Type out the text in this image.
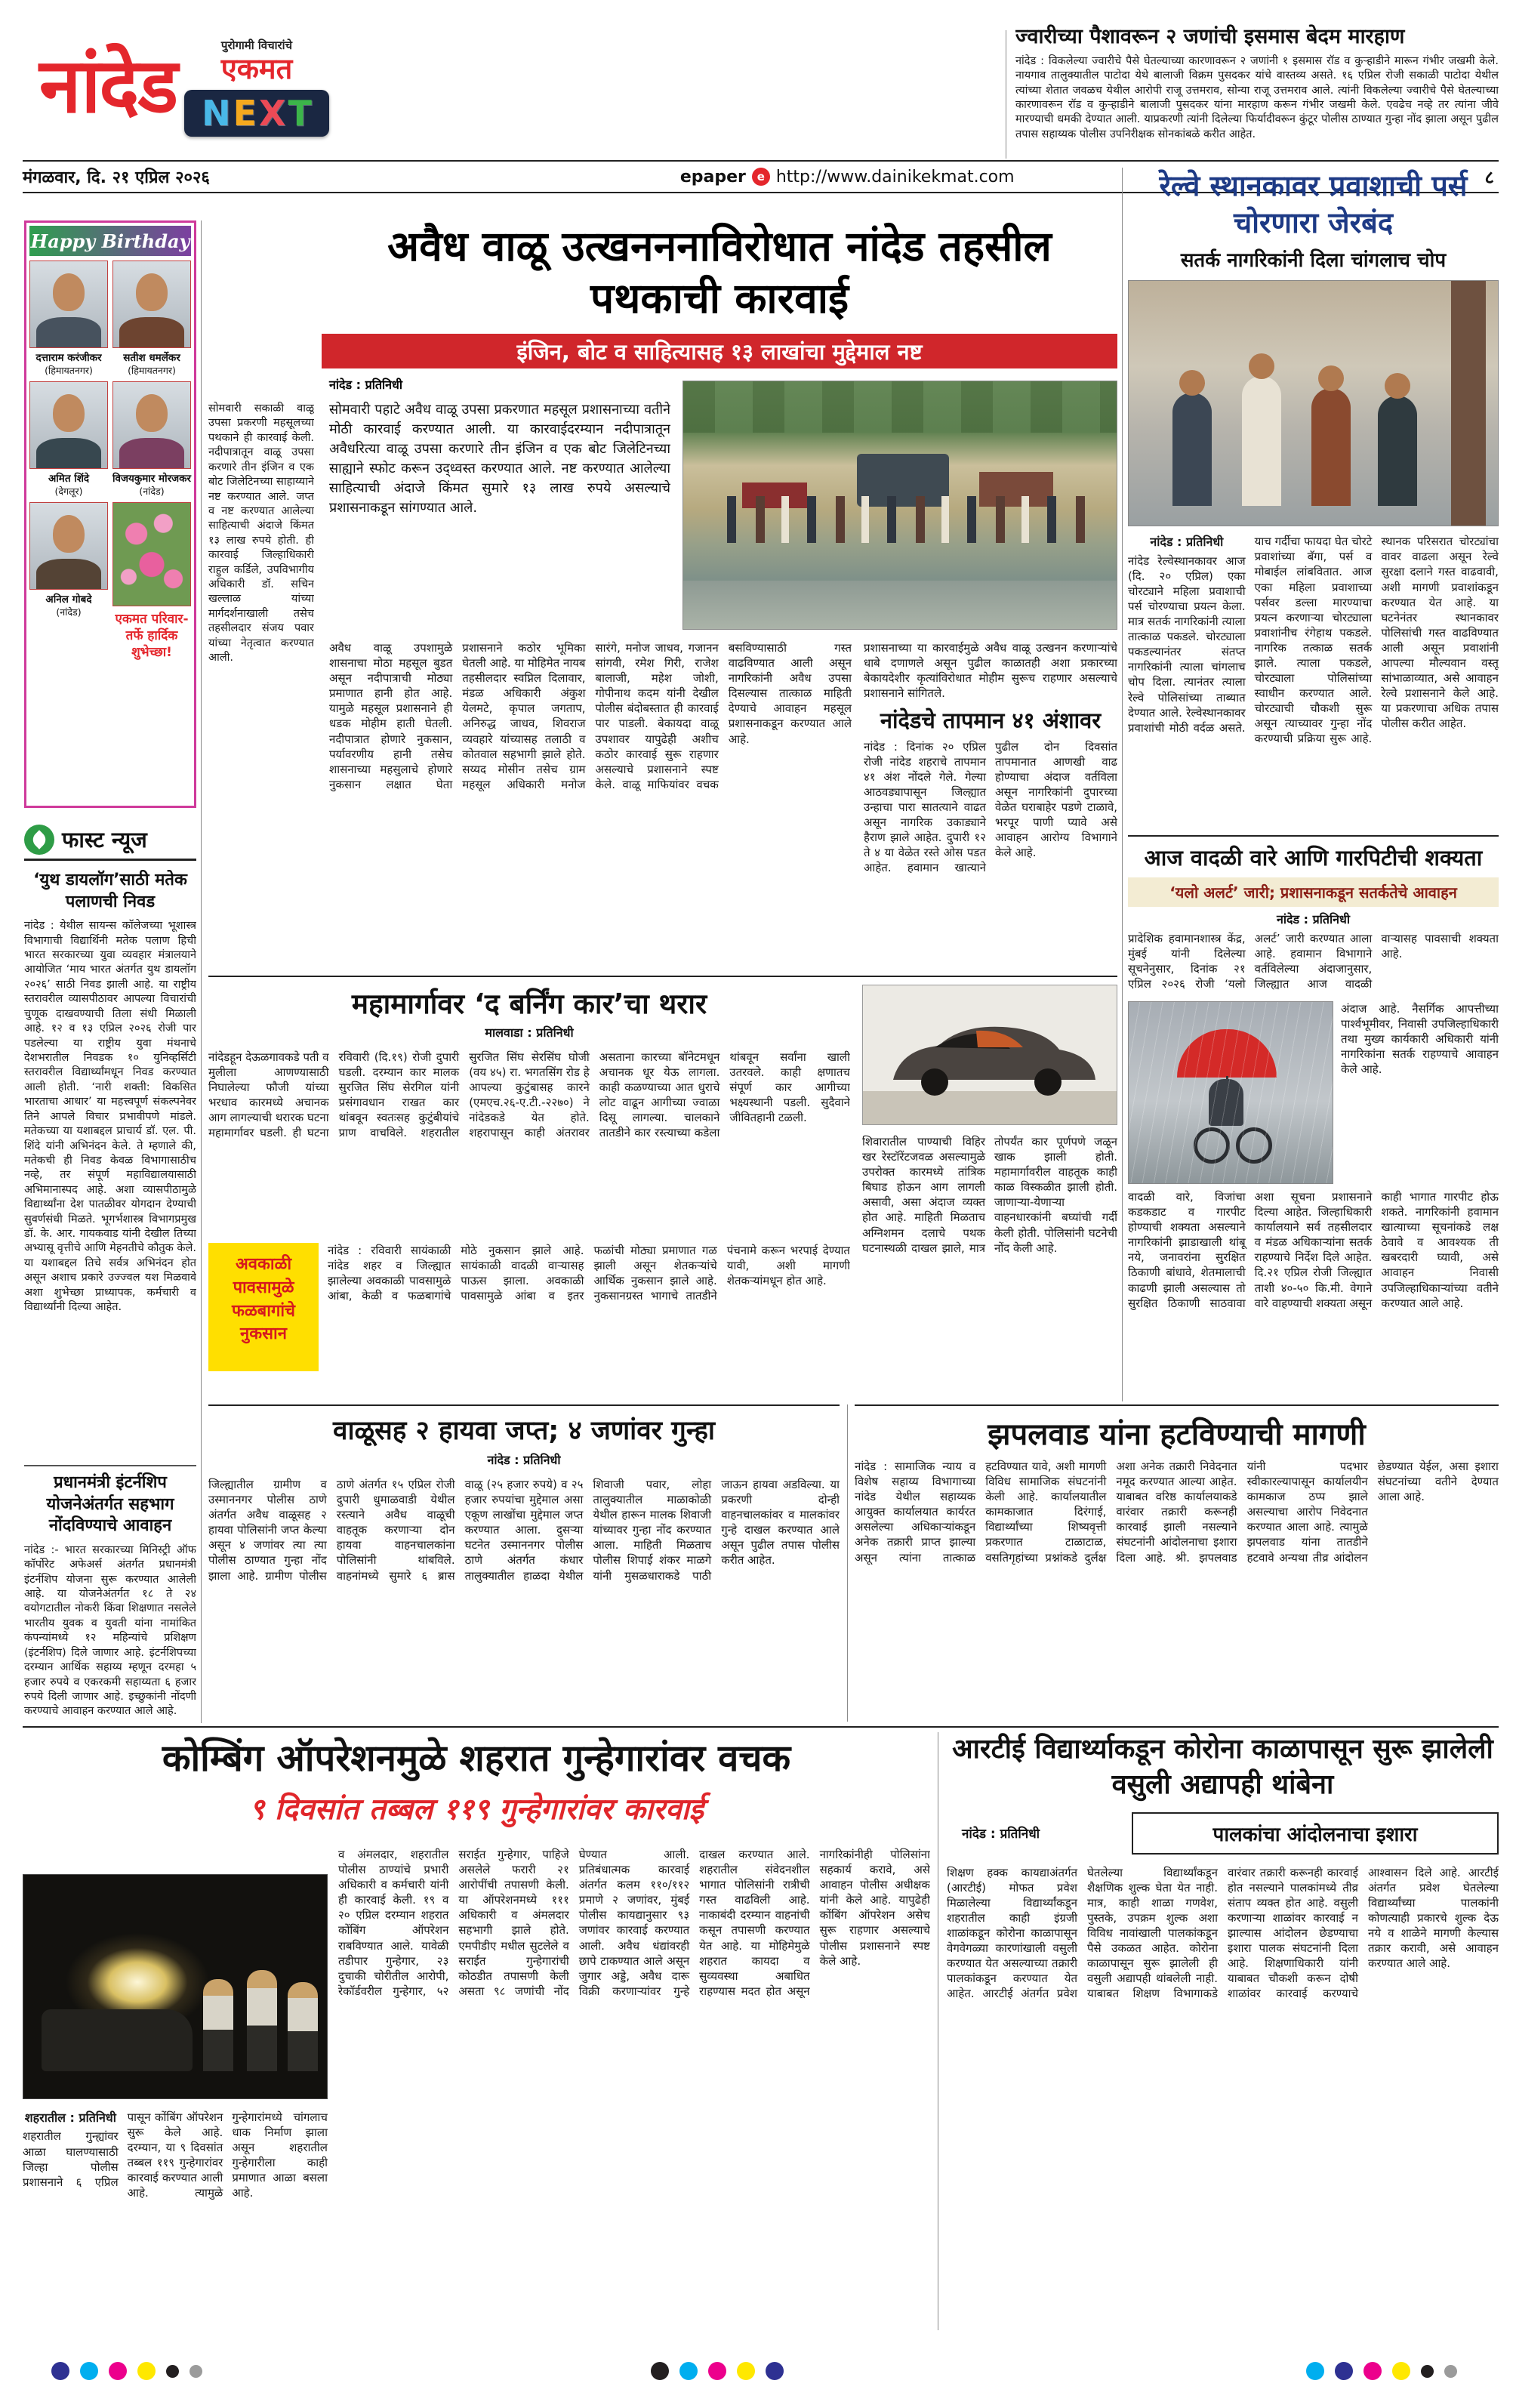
नांदेड	पुरोगामी विचारांचे
एकमत
N E X T
ज्वारीच्या पैशावरून २ जणांची इसमास बेदम मारहाण
नांदेड : विकलेल्या ज्वारीचे पैसे घेतल्याच्या कारणावरून २ जणांनी १ इसमास रॉड व कुऱ्हाडीने मारून गंभीर जखमी केले. नायगाव तालुक्यातील पाटोदा येथे बालाजी विक्रम पुसदकर यांचे वास्तव्य असते. १६ एप्रिल रोजी सकाळी पाटोदा येथील त्यांच्या शेतात जवळच येथील आरोपी राजू उत्तमराव, सोन्या राजू उत्तमराव आले. त्यांनी विकलेल्या ज्वारीचे पैसे घेतल्याच्या कारणावरून रॉड व कुऱ्हाडीने बालाजी पुसदकर यांना मारहाण करून गंभीर जखमी केले. एवढेच नव्हे तर त्यांना जीवे मारण्याची धमकी देण्यात आली. याप्रकरणी त्यांनी दिलेल्या फिर्यादीवरून कुंटूर पोलीस ठाण्यात गुन्हा नोंद झाला असून पुढील तपास सहाय्यक पोलीस उपनिरीक्षक सोनकांबळे करीत आहेत.
मंगळवार, दि. २१ एप्रिल २०२६	epaper e http://www.dainikekmat.com	८
Happy Birthday
दत्ताराम करंजीकर
(हिमायतनगर)
सतीश धमर्लेकर
(हिमायतनगर)
अमित शिंदे
(देगलूर)
विजयकुमार मोरजकर
(नांदेड)
अनिल गोबदे
(नांदेड)	एकमत परिवार- तर्फे हार्दिक शुभेच्छा!
फास्ट न्यूज
‘युथ डायलॉग’साठी मतेक पलाणची निवड
नांदेड : येथील सायन्स कॉलेजच्या भूशास्त्र विभागाची विद्यार्थिनी मतेक पलाण हिची भारत सरकारच्या युवा व्यवहार मंत्रालयाने आयोजित ‘माय भारत अंतर्गत युथ डायलॉग २०२६’ साठी निवड झाली आहे. या राष्ट्रीय स्तरावरील व्यासपीठावर आपल्या विचारांची चुणूक दाखवण्याची तिला संधी मिळाली आहे. १२ व १३ एप्रिल २०२६ रोजी पार पडलेल्या या राष्ट्रीय युवा मंथनाचे देशभरातील निवडक १० युनिव्हर्सिटी स्तरावरील विद्यार्थ्यांमधून निवड करण्यात आली होती. ‘नारी शक्ती: विकसित भारताचा आधार’ या महत्त्वपूर्ण संकल्पनेवर तिने आपले विचार प्रभावीपणे मांडले. मतेकच्या या यशाबद्दल प्राचार्य डॉ. एल. पी. शिंदे यांनी अभिनंदन केले. ते म्हणाले की, मतेकची ही निवड केवळ विभागासाठीच नव्हे, तर संपूर्ण महाविद्यालयासाठी अभिमानास्पद आहे. अशा व्यासपीठामुळे विद्यार्थ्यांना देश पातळीवर योगदान देण्याची सुवर्णसंधी मिळते. भूगर्भशास्त्र विभागप्रमुख डॉ. के. आर. गायकवाड यांनी देखील तिच्या अभ्यासू वृत्तीचे आणि मेहनतीचे कौतुक केले. या यशाबद्दल तिचे सर्वत्र अभिनंदन होत असून अशाच प्रकारे उज्ज्वल यश मिळवावे अशा शुभेच्छा प्राध्यापक, कर्मचारी व विद्यार्थ्यांनी दिल्या आहेत.
प्रधानमंत्री इंटर्नशिप योजनेअंतर्गत सहभाग नोंदविण्याचे आवाहन
नांदेड :- भारत सरकारच्या मिनिस्ट्री ऑफ कॉर्पोरेट अफेअर्स अंतर्गत प्रधानमंत्री इंटर्नशिप योजना सुरू करण्यात आलेली आहे. या योजनेअंतर्गत १८ ते २४ वयोगटातील नोकरी किंवा शिक्षणात नसलेले भारतीय युवक व युवती यांना नामांकित कंपन्यांमध्ये १२ महिन्यांचे प्रशिक्षण (इंटर्नशिप) दिले जाणार आहे. इंटर्नशिपच्या दरम्यान आर्थिक सहाय्य म्हणून दरमहा ५ हजार रुपये व एकरकमी सहाय्यता ६ हजार रुपये दिली जाणार आहे. इच्छुकांनी नोंदणी करण्याचे आवाहन करण्यात आले आहे.
अवैध वाळू उत्खनननाविरोधात नांदेड तहसील पथकाची कारवाई
इंजिन, बोट व साहित्यासह १३ लाखांचा मुद्देमाल नष्ट
नांदेड : प्रतिनिधी
सोमवारी सकाळी वाळू उपसा प्रकरणी महसूलच्या पथकाने ही कारवाई केली. नदीपात्रातून वाळू उपसा करणारे तीन इंजिन व एक बोट जिलेटिनच्या साहाय्याने नष्ट करण्यात आले. जप्त व नष्ट करण्यात आलेल्या साहित्याची अंदाजे किंमत १३ लाख रुपये होती. ही कारवाई जिल्हाधिकारी राहुल कर्डिले, उपविभागीय अधिकारी डॉ. सचिन खल्लाळ यांच्या मार्गदर्शनाखाली तसेच तहसीलदार संजय पवार यांच्या नेतृत्वात करण्यात आली.
सोमवारी पहाटे अवैध वाळू उपसा प्रकरणात महसूल प्रशासनाच्या वतीने मोठी कारवाई करण्यात आली. या कारवाईदरम्यान नदीपात्रातून अवैधरित्या वाळू उपसा करणारे तीन इंजिन व एक बोट जिलेटिनच्या साह्याने स्फोट करून उद्ध्वस्त करण्यात आले. नष्ट करण्यात आलेल्या साहित्याची अंदाजे किंमत सुमारे १३ लाख रुपये असल्याचे प्रशासनाकडून सांगण्यात आले.
अवैध वाळू उपशामुळे शासनाचा मोठा महसूल बुडत असून नदीपात्राची मोठ्या प्रमाणात हानी होत आहे. यामुळे महसूल प्रशासनाने ही धडक मोहीम हाती घेतली. नदीपात्रात होणारे नुकसान, पर्यावरणीय हानी तसेच शासनाच्या महसुलाचे होणारे नुकसान लक्षात घेता प्रशासनाने कठोर भूमिका घेतली आहे. या मोहिमेत नायब तहसीलदार स्वप्निल दिलावार, मंडळ अधिकारी अंकुश येलमटे, कृपाल जगताप, अनिरुद्ध जाधव, शिवराज व्यवहारे यांच्यासह तलाठी व कोतवाल सहभागी झाले होते. सय्यद मोसीन तसेच ग्राम महसूल अधिकारी मनोज सारंगे, मनोज जाधव, गजानन सांगवी, रमेश गिरी, राजेश बालाजी, महेश जोशी, गोपीनाथ कदम यांनी देखील पोलीस बंदोबस्तात ही कारवाई पार पाडली. बेकायदा वाळू उपशावर यापुढेही अशीच कठोर कारवाई सुरू राहणार असल्याचे प्रशासनाने स्पष्ट केले. वाळू माफियांवर वचक बसविण्यासाठी गस्त वाढविण्यात आली असून नागरिकांनी अवैध उपसा दिसल्यास तात्काळ माहिती देण्याचे आवाहन महसूल प्रशासनाकडून करण्यात आले आहे.
प्रशासनाच्या या कारवाईमुळे अवैध वाळू उत्खनन करणाऱ्यांचे धाबे दणाणले असून पुढील काळातही अशा प्रकारच्या बेकायदेशीर कृत्यांविरोधात मोहीम सुरूच राहणार असल्याचे प्रशासनाने सांगितले.
नांदेडचे तापमान ४१ अंशावर
नांदेड : दिनांक २० एप्रिल रोजी नांदेड शहराचे तापमान ४१ अंश नोंदले गेले. गेल्या आठवड्यापासून जिल्ह्यात उन्हाचा पारा सातत्याने वाढत असून नागरिक उकाड्याने हैराण झाले आहेत. दुपारी १२ ते ४ या वेळेत रस्ते ओस पडत आहेत. हवामान खात्याने पुढील दोन दिवसांत तापमानात आणखी वाढ होण्याचा अंदाज वर्तविला असून नागरिकांनी दुपारच्या वेळेत घराबाहेर पडणे टाळावे, भरपूर पाणी प्यावे असे आवाहन आरोग्य विभागाने केले आहे.
महामार्गावर ‘द बर्निंग कार’चा थरार
मालवाडा : प्रतिनिधी
नांदेडहून देऊळगावकडे पती व मुलीला आणण्यासाठी निघालेल्या फौजी यांच्या भरधाव कारमध्ये अचानक आग लागल्याची थरारक घटना महामार्गावर घडली. ही घटना रविवारी (दि.१९) रोजी दुपारी घडली. दरम्यान कार मालक सुरजित सिंघ सेरगिल यांनी प्रसंगावधान राखत कार थांबवून स्वतःसह कुटुंबीयांचे प्राण वाचविले. शहरातील सुरजित सिंघ सेरसिंघ घोजी (वय ४५) रा. भगतसिंग रोड हे आपल्या कुटुंबासह कारने (एमएच.२६-ए.टी.-२२७०) ने नांदेडकडे येत होते. शहरापासून काही अंतरावर असताना कारच्या बॉनेटमधून अचानक धूर येऊ लागला. काही कळण्याच्या आत धुराचे लोट वाढून आगीच्या ज्वाळा दिसू लागल्या. चालकाने तातडीने कार रस्त्याच्या कडेला थांबवून सर्वांना खाली उतरवले. काही क्षणातच संपूर्ण कार आगीच्या भक्ष्यस्थानी पडली. सुदैवाने जीवितहानी टळली.
अवकाळी पावसामुळे फळबागांचे नुकसान
नांदेड : रविवारी सायंकाळी नांदेड शहर व जिल्ह्यात झालेल्या अवकाळी पावसामुळे आंबा, केळी व फळबागांचे मोठे नुकसान झाले आहे. सायंकाळी वादळी वाऱ्यासह पाऊस झाला. अवकाळी पावसामुळे आंबा व इतर फळांची मोठ्या प्रमाणात गळ झाली असून शेतकऱ्यांचे आर्थिक नुकसान झाले आहे. नुकसानग्रस्त भागाचे तातडीने पंचनामे करून भरपाई देण्यात यावी, अशी मागणी शेतकऱ्यांमधून होत आहे.
शिवारातील पाण्याची विहिर खर रेस्टॉरेंटजवळ असल्यामुळे उपरोक्त कारमध्ये तांत्रिक बिघाड होऊन आग लागली असावी, असा अंदाज व्यक्त होत आहे. माहिती मिळताच अग्निशमन दलाचे पथक घटनास्थळी दाखल झाले, मात्र तोपर्यंत कार पूर्णपणे जळून खाक झाली होती. महामार्गावरील वाहतूक काही काळ विस्कळीत झाली होती. जाणाऱ्या-येणाऱ्या वाहनधारकांनी बघ्यांची गर्दी केली होती. पोलिसांनी घटनेची नोंद केली आहे.
वाळूसह २ हायवा जप्त; ४ जणांवर गुन्हा
नांदेड : प्रतिनिधी
जिल्ह्यातील ग्रामीण व उस्माननगर पोलीस ठाणे अंतर्गत अवैध वाळूसह २ हायवा पोलिसांनी जप्त केल्या असून ४ जणांवर त्या त्या पोलीस ठाण्यात गुन्हा नोंद झाला आहे. ग्रामीण पोलीस ठाणे अंतर्गत १५ एप्रिल रोजी दुपारी धुमाळवाडी येथील रस्त्याने अवैध वाळूची वाहतूक करणाऱ्या दोन हायवा वाहनचालकांना पोलिसांनी थांबविले. वाहनांमध्ये सुमारे ६ ब्रास वाळू (२५ हजार रुपये) व २५ हजार रुपयांचा मुद्देमाल असा एकूण लाखोंचा मुद्देमाल जप्त करण्यात आला. दुसऱ्या घटनेत उस्माननगर पोलीस ठाणे अंतर्गत कंधार तालुक्यातील हाळदा येथील शिवाजी पवार, लोहा तालुक्यातील माळाकोळी येथील हारून मालक शिवाजी यांच्यावर गुन्हा नोंद करण्यात आला. माहिती मिळताच पोलीस शिपाई शंकर माळगे यांनी मुसळधाराकडे पाठी जाऊन हायवा अडविल्या. या प्रकरणी दोन्ही वाहनचालकांवर व मालकांवर गुन्हे दाखल करण्यात आले असून पुढील तपास पोलीस करीत आहेत.
झपलवाड यांना हटविण्याची मागणी
नांदेड : सामाजिक न्याय व विशेष सहाय्य विभागाच्या नांदेड येथील सहाय्यक आयुक्त कार्यालयात कार्यरत असलेल्या अधिकाऱ्यांकडून अनेक तक्रारी प्राप्त झाल्या असून त्यांना तात्काळ हटविण्यात यावे, अशी मागणी विविध सामाजिक संघटनांनी केली आहे. कार्यालयातील कामकाजात दिरंगाई, विद्यार्थ्यांच्या शिष्यवृत्ती प्रकरणात टाळाटाळ, वसतिगृहांच्या प्रश्नांकडे दुर्लक्ष अशा अनेक तक्रारी निवेदनात नमूद करण्यात आल्या आहेत. याबाबत वरिष्ठ कार्यालयाकडे वारंवार तक्रारी करूनही कारवाई झाली नसल्याने संघटनांनी आंदोलनाचा इशारा दिला आहे. श्री. झपलवाड यांनी पदभार स्वीकारल्यापासून कार्यालयीन कामकाज ठप्प झाले असल्याचा आरोप निवेदनात करण्यात आला आहे. त्यामुळे झपलवाड यांना तातडीने हटवावे अन्यथा तीव्र आंदोलन छेडण्यात येईल, असा इशारा संघटनांच्या वतीने देण्यात आला आहे.
रेल्वे स्थानकावर प्रवाशाची पर्स चोरणारा जेरबंद
सतर्क नागरिकांनी दिला चांगलाच चोप

नांदेड : प्रतिनिधी

नांदेड रेल्वेस्थानकावर आज (दि. २० एप्रिल) एका चोरट्याने महिला प्रवाशाची पर्स चोरण्याचा प्रयत्न केला. मात्र सतर्क नागरिकांनी त्याला तात्काळ पकडले. चोरट्याला पकडल्यानंतर संतप्त नागरिकांनी त्याला चांगलाच चोप दिला. त्यानंतर त्याला रेल्वे पोलिसांच्या ताब्यात देण्यात आले. रेल्वेस्थानकावर प्रवाशांची मोठी वर्दळ असते. याच गर्दीचा फायदा घेत चोरटे प्रवाशांच्या बॅगा, पर्स व मोबाईल लांबवितात. आज एका महिला प्रवाशाच्या पर्सवर डल्ला मारण्याचा प्रयत्न करणाऱ्या चोरट्याला प्रवाशांनीच रंगेहाथ पकडले. नागरिक तत्काळ सतर्क झाले. त्याला पकडले, चोरट्याला पोलिसांच्या स्वाधीन करण्यात आले. चोरट्याची चौकशी सुरू असून त्याच्यावर गुन्हा नोंद करण्याची प्रक्रिया सुरू आहे. स्थानक परिसरात चोरट्यांचा वावर वाढला असून रेल्वे सुरक्षा दलाने गस्त वाढवावी, अशी मागणी प्रवाशांकडून करण्यात येत आहे. या घटनेनंतर स्थानकावर पोलिसांची गस्त वाढविण्यात आली असून प्रवाशांनी आपल्या मौल्यवान वस्तू सांभाळाव्यात, असे आवाहन रेल्वे प्रशासनाने केले आहे. या प्रकरणाचा अधिक तपास पोलीस करीत आहेत.

आज वादळी वारे आणि गारपिटीची शक्यता
‘यलो अलर्ट’ जारी; प्रशासनाकडून सतर्कतेचे आवाहन
नांदेड : प्रतिनिधी
प्रादेशिक हवामानशास्त्र केंद्र, मुंबई यांनी दिलेल्या सूचनेनुसार, दिनांक २१ एप्रिल २०२६ रोजी ‘यलो अलर्ट’ जारी करण्यात आला आहे. हवामान विभागाने वर्तविलेल्या अंदाजानुसार, जिल्ह्यात आज वादळी वाऱ्यासह पावसाची शक्यता आहे.
अंदाज आहे. नैसर्गिक आपत्तीच्या पार्श्वभूमीवर, निवासी उपजिल्हाधिकारी तथा मुख्य कार्यकारी अधिकारी यांनी नागरिकांना सतर्क राहण्याचे आवाहन केले आहे.
वादळी वारे, विजांचा कडकडाट व गारपीट होण्याची शक्यता असल्याने नागरिकांनी झाडाखाली थांबू नये, जनावरांना सुरक्षित ठिकाणी बांधावे, शेतमालाची काढणी झाली असल्यास तो सुरक्षित ठिकाणी साठवावा अशा सूचना प्रशासनाने दिल्या आहेत. जिल्हाधिकारी कार्यालयाने सर्व तहसीलदार व मंडळ अधिकाऱ्यांना सतर्क राहण्याचे निर्देश दिले आहेत. दि.२१ एप्रिल रोजी जिल्ह्यात ताशी ४०-५० कि.मी. वेगाने वारे वाहण्याची शक्यता असून काही भागात गारपीट होऊ शकते. नागरिकांनी हवामान खात्याच्या सूचनांकडे लक्ष ठेवावे व आवश्यक ती खबरदारी घ्यावी, असे आवाहन निवासी उपजिल्हाधिकाऱ्यांच्या वतीने करण्यात आले आहे.
कोम्बिंग ऑपरेशनमुळे शहरात गुन्हेगारांवर वचक
९ दिवसांत तब्बल ११९ गुन्हेगारांवर कारवाई
व अंमलदार, शहरातील पोलीस ठाण्यांचे प्रभारी अधिकारी व कर्मचारी यांनी ही कारवाई केली. १९ व २० एप्रिल दरम्यान शहरात कोंबिंग ऑपरेशन राबविण्यात आले. यावेळी तडीपार गुन्हेगार, २३ दुचाकी चोरीतील आरोपी, रेकॉर्डवरील गुन्हेगार, ५२ सराईत गुन्हेगार, पाहिजे असलेले फरारी २१ आरोपींची तपासणी केली. या ऑपरेशनमध्ये १११ अधिकारी व अंमलदार सहभागी झाले होते. एमपीडीए मधील सुटलेले व सराईत गुन्हेगारांची कोठडीत तपासणी केली असता ९८ जणांची नोंद घेण्यात आली. प्रतिबंधात्मक कारवाई अंतर्गत कलम ११०/११२ प्रमाणे २ जणांवर, मुंबई पोलीस कायद्यानुसार ९३ जणांवर कारवाई करण्यात आली. अवैध धंद्यांवरही छापे टाकण्यात आले असून जुगार अड्डे, अवैध दारू विक्री करणाऱ्यांवर गुन्हे दाखल करण्यात आले. शहरातील संवेदनशील भागात पोलिसांनी रात्रीची गस्त वाढविली आहे. नाकाबंदी दरम्यान वाहनांची कसून तपासणी करण्यात येत आहे. या मोहिमेमुळे शहरात कायदा व सुव्यवस्था अबाधित राहण्यास मदत होत असून नागरिकांनीही पोलिसांना सहकार्य करावे, असे आवाहन पोलीस अधीक्षक यांनी केले आहे. यापुढेही कोंबिंग ऑपरेशन असेच सुरू राहणार असल्याचे पोलीस प्रशासनाने स्पष्ट केले आहे.

शहरातील : प्रतिनिधी

शहरातील गुन्ह्यांवर आळा घालण्यासाठी जिल्हा पोलीस प्रशासनाने ६ एप्रिल पासून कोंबिंग ऑपरेशन सुरू केले आहे. दरम्यान, या ९ दिवसांत तब्बल ११९ गुन्हेगारांवर कारवाई करण्यात आली आहे. त्यामुळे गुन्हेगारांमध्ये चांगलाच धाक निर्माण झाला असून शहरातील गुन्हेगारीला काही प्रमाणात आळा बसला आहे.

आरटीई विद्यार्थ्याकडून कोरोना काळापासून सुरू झालेली वसुली अद्यापही थांबेना
नांदेड : प्रतिनिधी	पालकांचा आंदोलनाचा इशारा
शिक्षण हक्क कायद्याअंतर्गत (आरटीई) मोफत प्रवेश मिळालेल्या विद्यार्थ्यांकडून शहरातील काही इंग्रजी शाळांकडून कोरोना काळापासून वेगवेगळ्या कारणांखाली वसुली करण्यात येत असल्याच्या तक्रारी पालकांकडून करण्यात येत आहेत. आरटीई अंतर्गत प्रवेश घेतलेल्या विद्यार्थ्यांकडून शैक्षणिक शुल्क घेता येत नाही. मात्र, काही शाळा गणवेश, पुस्तके, उपक्रम शुल्क अशा विविध नावांखाली पालकांकडून पैसे उकळत आहेत. कोरोना काळापासून सुरू झालेली ही वसुली अद्यापही थांबलेली नाही. याबाबत शिक्षण विभागाकडे वारंवार तक्रारी करूनही कारवाई होत नसल्याने पालकांमध्ये तीव्र संताप व्यक्त होत आहे. वसुली करणाऱ्या शाळांवर कारवाई न झाल्यास आंदोलन छेडण्याचा इशारा पालक संघटनांनी दिला आहे. शिक्षणाधिकारी यांनी याबाबत चौकशी करून दोषी शाळांवर कारवाई करण्याचे आश्वासन दिले आहे. आरटीई अंतर्गत प्रवेश घेतलेल्या विद्यार्थ्यांच्या पालकांनी कोणत्याही प्रकारचे शुल्क देऊ नये व शाळेने मागणी केल्यास तक्रार करावी, असे आवाहन करण्यात आले आहे.
